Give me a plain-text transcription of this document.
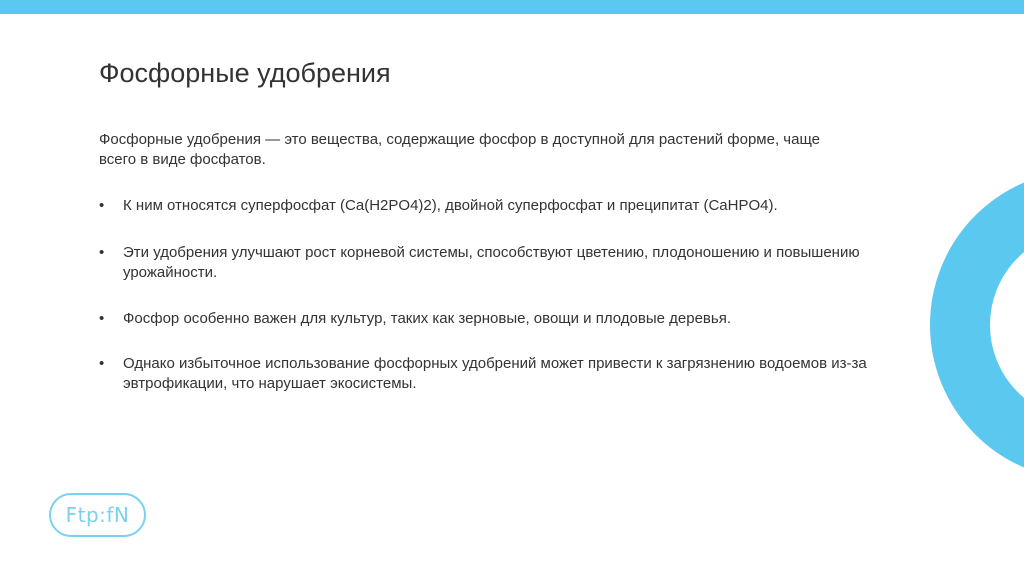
Фосфорные удобрения

Фосфорные удобрения — это вещества, содержащие фосфор в доступной для растений форме, чаще всего в виде фосфатов.

• К ним относятся суперфосфат (Ca(H2PO4)2), двойной суперфосфат и преципитат (CaHPO4).
• Эти удобрения улучшают рост корневой системы, способствуют цветению, плодоношению и повышению урожайности.
• Фосфор особенно важен для культур, таких как зерновые, овощи и плодовые деревья.
• Однако избыточное использование фосфорных удобрений может привести к загрязнению водоемов из-за эвтрофикации, что нарушает экосистемы.
Ftp:fN
